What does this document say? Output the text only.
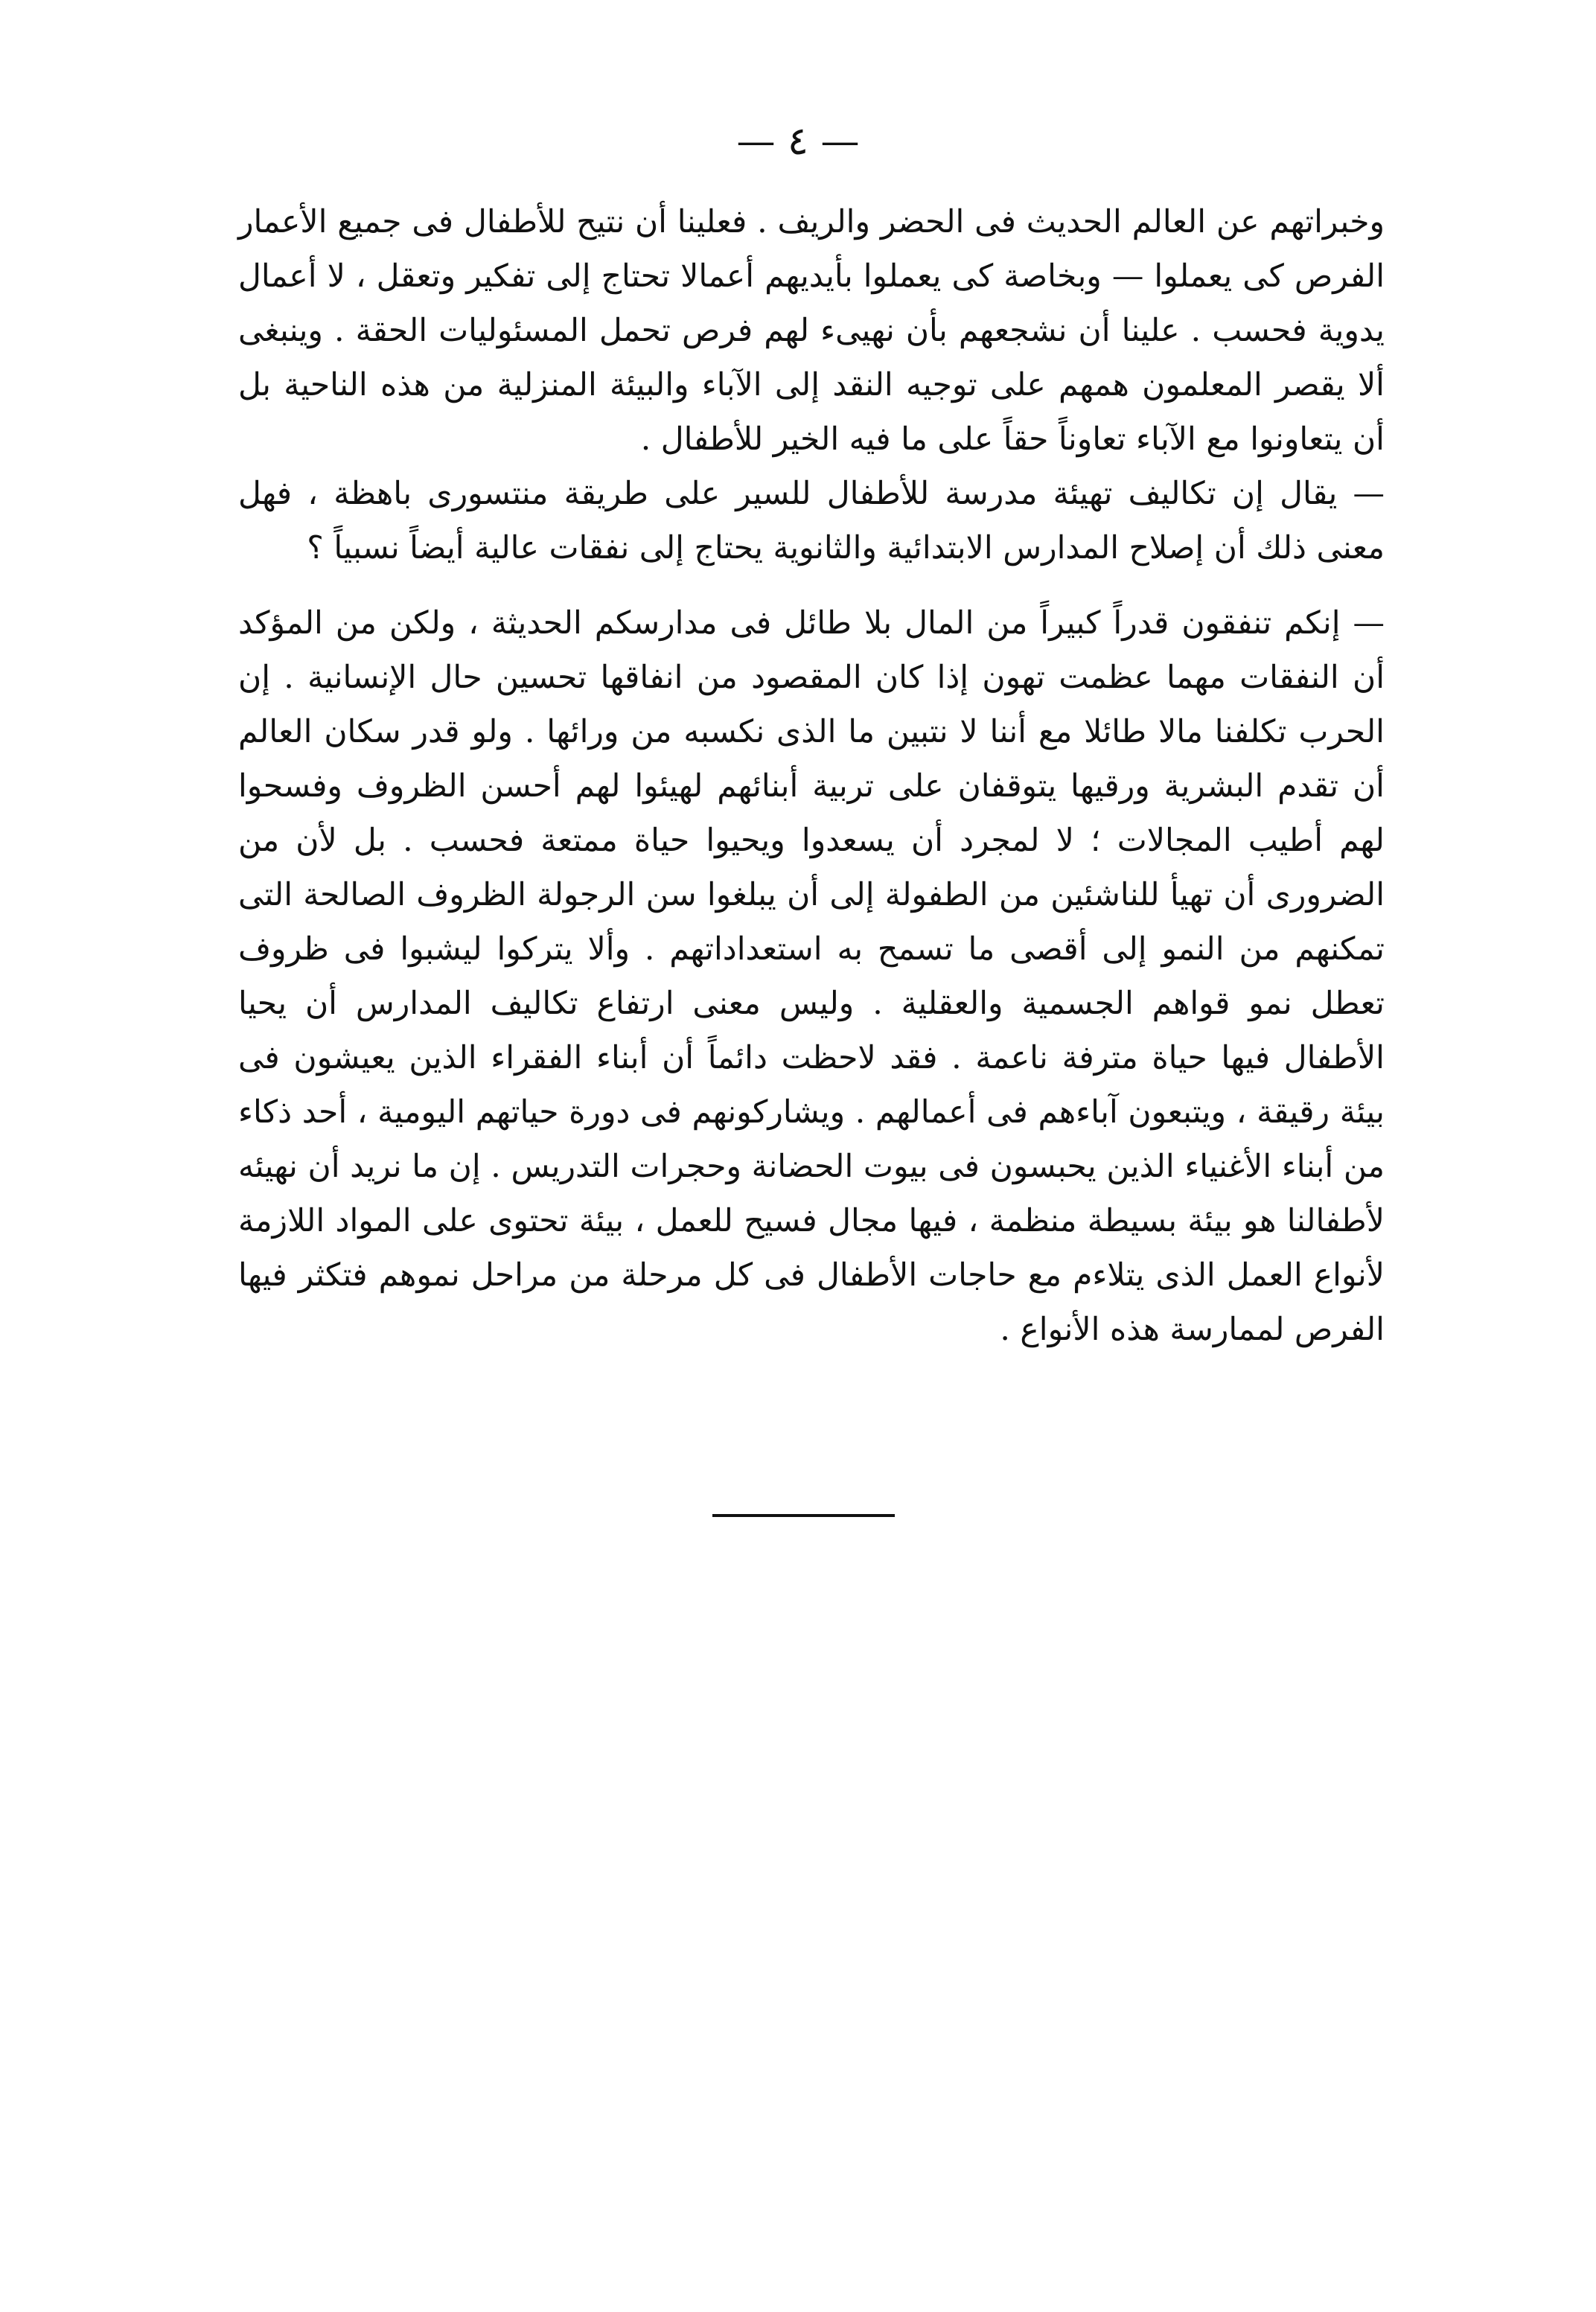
— ٤ —

وخبراتهم عن العالم الحديث فى الحضر والريف . فعلينا أن نتيح للأطفال فى جميع الأعمار الفرص كى يعملوا — وبخاصة كى يعملوا بأيديهم أعمالا تحتاج إلى تفكير وتعقل ، لا أعمال يدوية فحسب . علينا أن نشجعهم بأن نهيىء لهم فرص تحمل المسئوليات الحقة . وينبغى ألا يقصر المعلمون همهم على توجيه النقد إلى الآباء والبيئة المنزلية من هذه الناحية بل أن يتعاونوا مع الآباء تعاوناً حقاً على ما فيه الخير للأطفال .

— يقال إن تكاليف تهيئة مدرسة للأطفال للسير على طريقة منتسورى باهظة ، فهل معنى ذلك أن إصلاح المدارس الابتدائية والثانوية يحتاج إلى نفقات عالية أيضاً نسبياً ؟

— إنكم تنفقون قدراً كبيراً من المال بلا طائل فى مدارسكم الحديثة ، ولكن من المؤكد أن النفقات مهما عظمت تهون إذا كان المقصود من انفاقها تحسين حال الإنسانية . إن الحرب تكلفنا مالا طائلا مع أننا لا نتبين ما الذى نكسبه من ورائها . ولو قدر سكان العالم أن تقدم البشرية ورقيها يتوقفان على تربية أبنائهم لهيئوا لهم أحسن الظروف وفسحوا لهم أطيب المجالات ؛ لا لمجرد أن يسعدوا ويحيوا حياة ممتعة فحسب . بل لأن من الضرورى أن تهيأ للناشئين من الطفولة إلى أن يبلغوا سن الرجولة الظروف الصالحة التى تمكنهم من النمو إلى أقصى ما تسمح به استعداداتهم . وألا يتركوا ليشبوا فى ظروف تعطل نمو قواهم الجسمية والعقلية . وليس معنى ارتفاع تكاليف المدارس أن يحيا الأطفال فيها حياة مترفة ناعمة . فقد لاحظت دائماً أن أبناء الفقراء الذين يعيشون فى بيئة رقيقة ، ويتبعون آباءهم فى أعمالهم . ويشاركونهم فى دورة حياتهم اليومية ، أحد ذكاء من أبناء الأغنياء الذين يحبسون فى بيوت الحضانة وحجرات التدريس . إن ما نريد أن نهيئه لأطفالنا هو بيئة بسيطة منظمة ، فيها مجال فسيح للعمل ، بيئة تحتوى على المواد اللازمة لأنواع العمل الذى يتلاءم مع حاجات الأطفال فى كل مرحلة من مراحل نموهم فتكثر فيها الفرص لممارسة هذه الأنواع .
